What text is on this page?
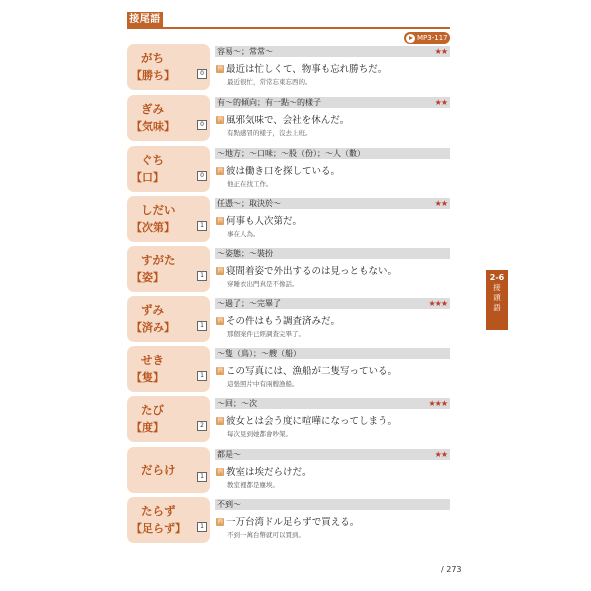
接尾語
MP3-117
がち
【勝ち】	0
容易～；常常～	★★
例 最近は忙しくて、物事も忘れ勝ちだ。
最近很忙，常常忘東忘西的。
ぎみ
【気味】	0
有～的傾向；有一點～的樣子	★★
例 風邪気味で、会社を休んだ。
有點感冒的樣子，沒去上班。
ぐち
【口】	0
～地方；～口味；～股（份）；～人（數）
例 彼は働き口を探している。
他正在找工作。
しだい
【次第】	1
任憑～；取決於～	★★
例 何事も人次第だ。
事在人為。
すがた
【姿】	1
～姿態；～裝扮
例 寝間着姿で外出するのは見っともない。
穿睡衣出門真是不像話。
ずみ
【済み】	1
～過了；～完畢了	★★★
例 その件はもう調査済みだ。
那個案件已經調查完畢了。
せき
【隻】	1
～隻（鳥）；～艘（船）
例 この写真には、漁船が二隻写っている。
這張照片中有兩艘漁船。
たび
【度】	2
～回；～次	★★★
例 彼女とは会う度に喧嘩になってしまう。
每次見到她都會吵架。
だらけ	1
都是～	★★
例 教室は埃だらけだ。
教室裡都是塵埃。
たらず
【足らず】	1
不到～
例 一万台湾ドル足らずで買える。
不到一萬台幣就可以買到。
2-6
接
頭
語
/ 273
